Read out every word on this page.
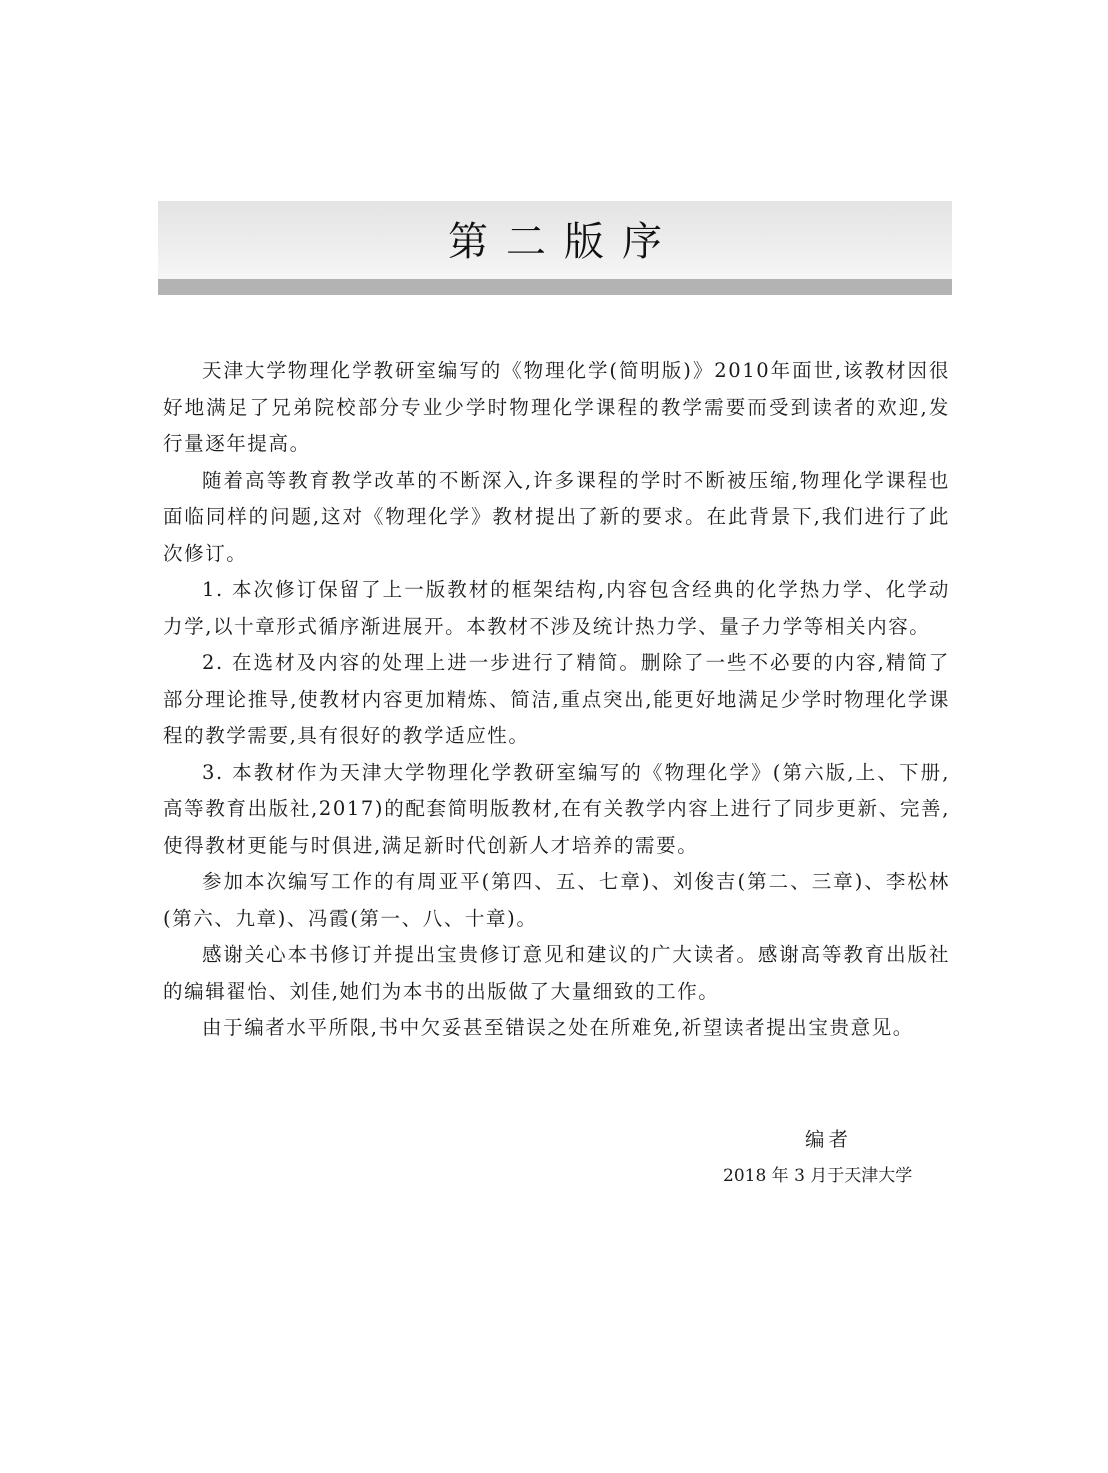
第二版序

天津大学物理化学教研室编写的《物理化学(简明版)》2010年面世,该教材因很好地满足了兄弟院校部分专业少学时物理化学课程的教学需要而受到读者的欢迎,发行量逐年提高。

随着高等教育教学改革的不断深入,许多课程的学时不断被压缩,物理化学课程也面临同样的问题,这对《物理化学》教材提出了新的要求。在此背景下,我们进行了此次修订。

1. 本次修订保留了上一版教材的框架结构,内容包含经典的化学热力学、化学动力学,以十章形式循序渐进展开。本教材不涉及统计热力学、量子力学等相关内容。

2. 在选材及内容的处理上进一步进行了精简。删除了一些不必要的内容,精简了部分理论推导,使教材内容更加精炼、简洁,重点突出,能更好地满足少学时物理化学课程的教学需要,具有很好的教学适应性。

3. 本教材作为天津大学物理化学教研室编写的《物理化学》(第六版,上、下册,高等教育出版社,2017)的配套简明版教材,在有关教学内容上进行了同步更新、完善,使得教材更能与时俱进,满足新时代创新人才培养的需要。

参加本次编写工作的有周亚平(第四、五、七章)、刘俊吉(第二、三章)、李松林(第六、九章)、冯霞(第一、八、十章)。

感谢关心本书修订并提出宝贵修订意见和建议的广大读者。感谢高等教育出版社的编辑翟怡、刘佳,她们为本书的出版做了大量细致的工作。

由于编者水平所限,书中欠妥甚至错误之处在所难免,祈望读者提出宝贵意见。

编者
2018 年 3 月于天津大学
